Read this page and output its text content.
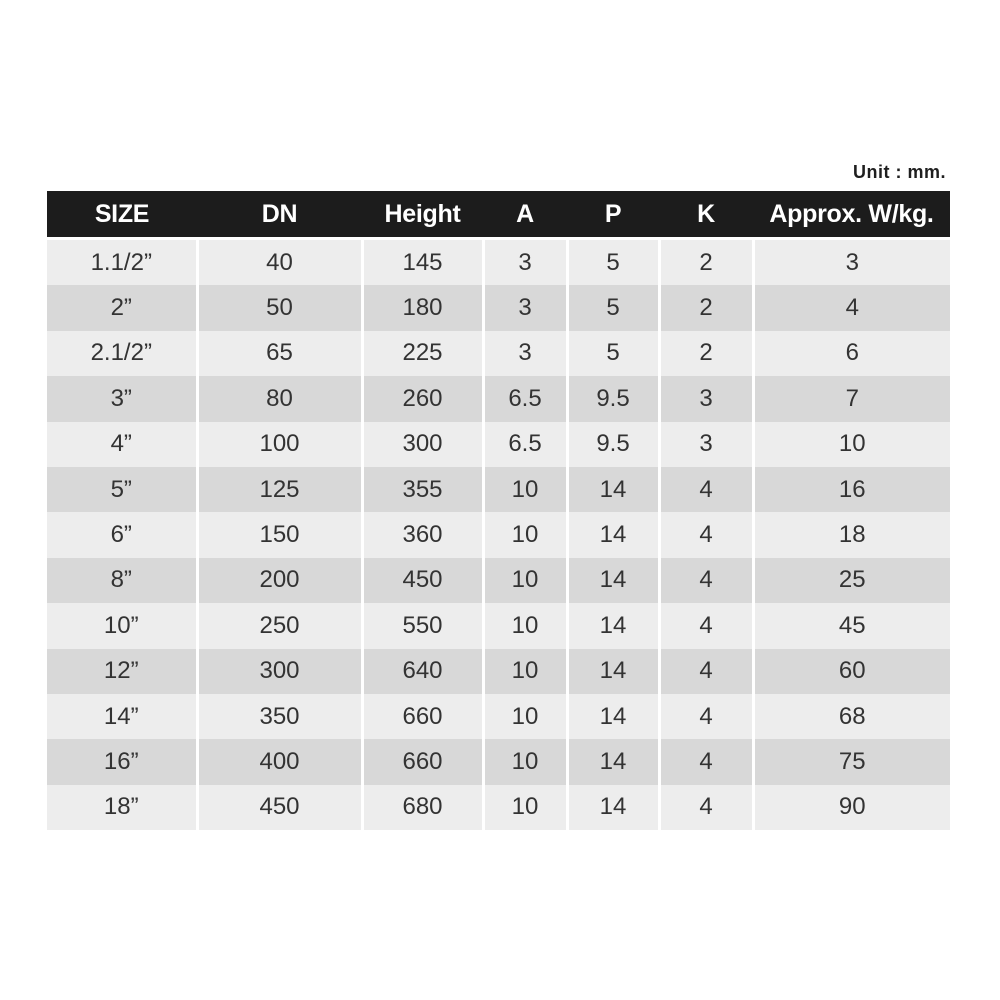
Unit : mm.
SIZE	DN	Height	A	P	K	Approx. W/kg.
1.1/2”	40	145	3	5	2	3
2”	50	180	3	5	2	4
2.1/2”	65	225	3	5	2	6
3”	80	260	6.5	9.5	3	7
4”	100	300	6.5	9.5	3	10
5”	125	355	10	14	4	16
6”	150	360	10	14	4	18
8”	200	450	10	14	4	25
10”	250	550	10	14	4	45
12”	300	640	10	14	4	60
14”	350	660	10	14	4	68
16”	400	660	10	14	4	75
18”	450	680	10	14	4	90
